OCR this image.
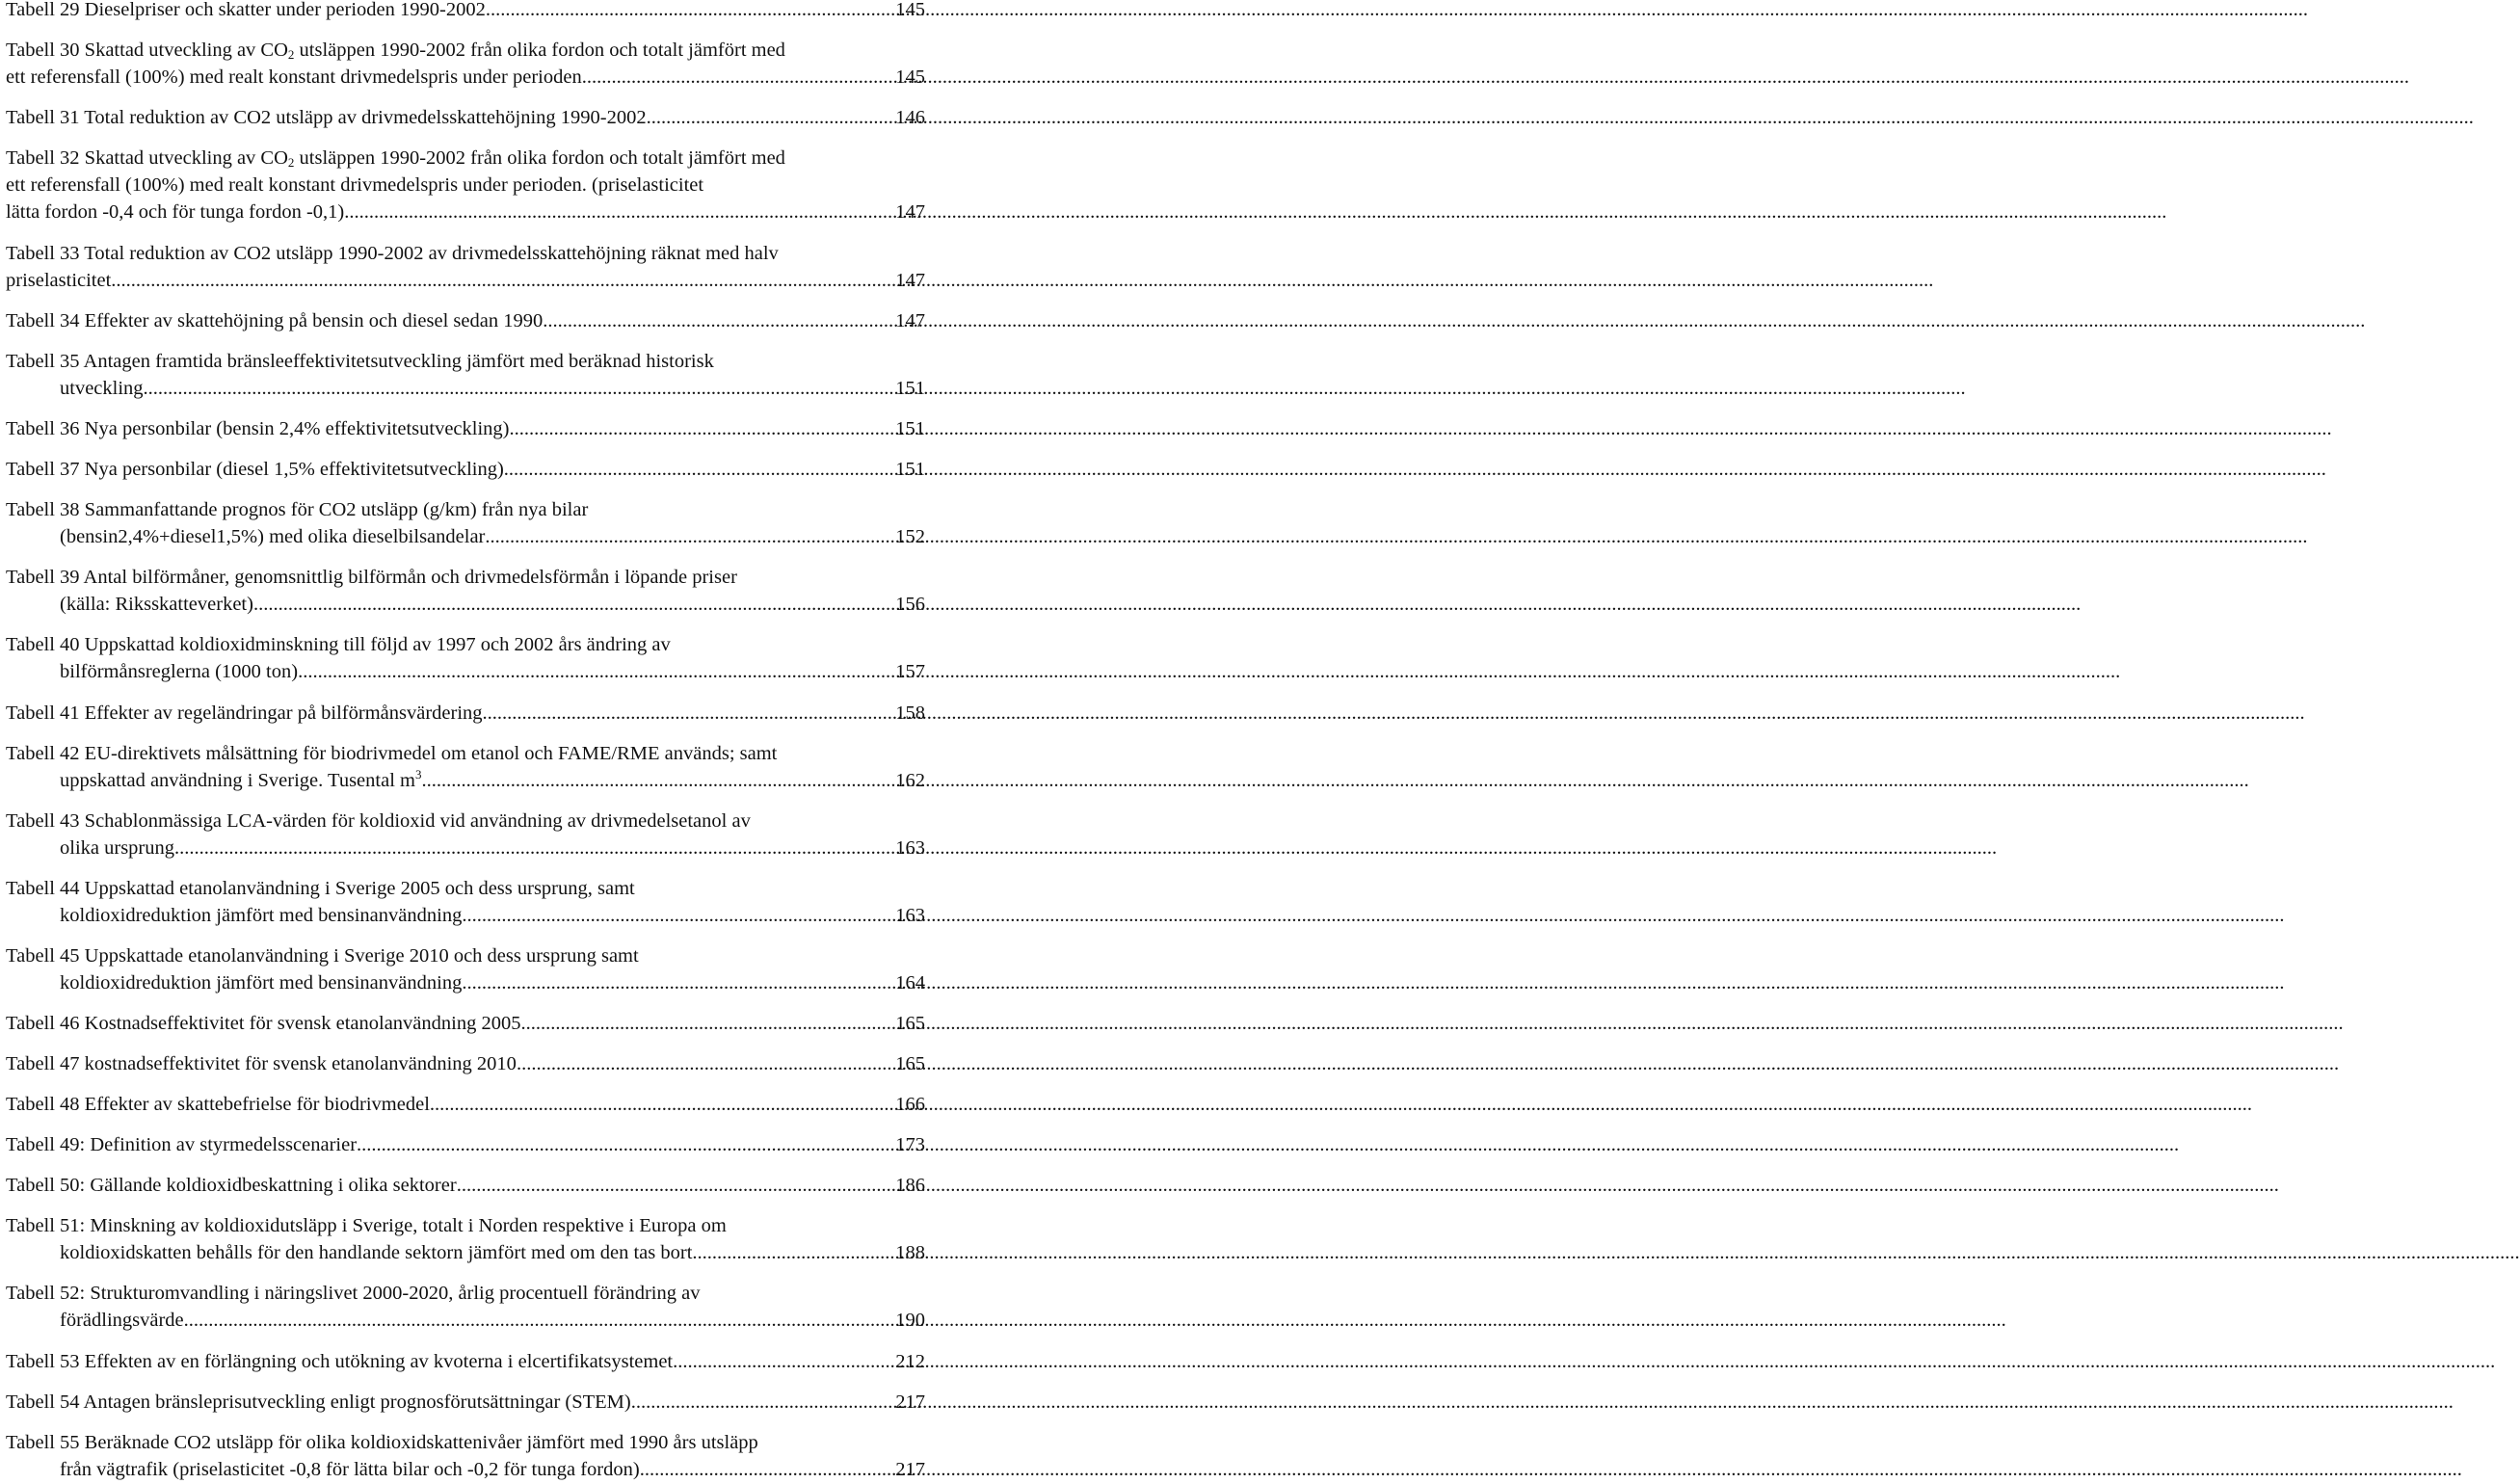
Tabell 29 Dieselpriser och skatter under perioden 1990-2002 .....	145
Tabell 30 Skattad utveckling av $CO_2$ utsläppen 1990-2002 från olika fordon och totalt jämfört med
ett referensfall (100%) med realt konstant drivmedelspris under perioden. .....	145
Tabell 31 Total reduktion av CO2 utsläpp av drivmedelsskattehöjning 1990-2002. .....	146
Tabell 32 Skattad utveckling av $CO_2$ utsläppen 1990-2002 från olika fordon och totalt jämfört med
ett referensfall (100%) med realt konstant drivmedelspris under perioden. (priselasticitet
lätta fordon -0,4 och för tunga fordon -0,1) .....	147
Tabell 33 Total reduktion av CO2 utsläpp 1990-2002 av drivmedelsskattehöjning räknat med halv
priselasticitet .....	147
Tabell 34 Effekter av skattehöjning på bensin och diesel sedan 1990 .....	147
Tabell 35 Antagen framtida bränsleeffektivitetsutveckling jämfört med beräknad historisk
utveckling .....	151
Tabell 36 Nya personbilar (bensin 2,4% effektivitetsutveckling) .....	151
Tabell 37 Nya personbilar (diesel 1,5% effektivitetsutveckling) .....	151
Tabell 38 Sammanfattande prognos för CO2 utsläpp (g/km) från nya bilar
(bensin2,4%+diesel1,5%) med olika dieselbilsandelar .....	152
Tabell 39 Antal bilförmåner, genomsnittlig bilförmån och drivmedelsförmån i löpande priser
(källa: Riksskatteverket). .....	156
Tabell 40 Uppskattad koldioxidminskning till följd av 1997 och 2002 års ändring av
bilförmånsreglerna (1000 ton) .....	157
Tabell 41 Effekter av regeländringar på bilförmånsvärdering .....	158
Tabell 42 EU-direktivets målsättning för biodrivmedel om etanol och FAME/RME används; samt
uppskattad användning i Sverige. Tusental $m^3$. .....	162
Tabell 43 Schablonmässiga LCA-värden för koldioxid vid användning av drivmedelsetanol av
olika ursprung .....	163
Tabell 44 Uppskattad etanolanvändning i Sverige 2005 och dess ursprung, samt
koldioxidreduktion jämfört med bensinanvändning .....	163
Tabell 45 Uppskattade etanolanvändning i Sverige 2010 och dess ursprung samt
koldioxidreduktion jämfört med bensinanvändning .....	164
Tabell 46 Kostnadseffektivitet för svensk etanolanvändning 2005 .....	165
Tabell 47 kostnadseffektivitet för svensk etanolanvändning 2010 .....	165
Tabell 48 Effekter av skattebefrielse för biodrivmedel .....	166
Tabell 49: Definition av styrmedelsscenarier .....	173
Tabell 50: Gällande koldioxidbeskattning i olika sektorer .....	186
Tabell 51: Minskning av koldioxidutsläpp i Sverige, totalt i Norden respektive i Europa om
koldioxidskatten behålls för den handlande sektorn jämfört med om den tas bort. .....	188
Tabell 52: Strukturomvandling i näringslivet 2000-2020, årlig procentuell förändring av
förädlingsvärde .....	190
Tabell 53 Effekten av en förlängning och utökning av kvoterna i elcertifikatsystemet .....	212
Tabell 54 Antagen bränsleprisutveckling enligt prognosförutsättningar (STEM) .....	217
Tabell 55 Beräknade CO2 utsläpp för olika koldioxidskattenivåer jämfört med 1990 års utsläpp
från vägtrafik (priselasticitet -0,8 för lätta bilar och -0,2 för tunga fordon) .....	217
